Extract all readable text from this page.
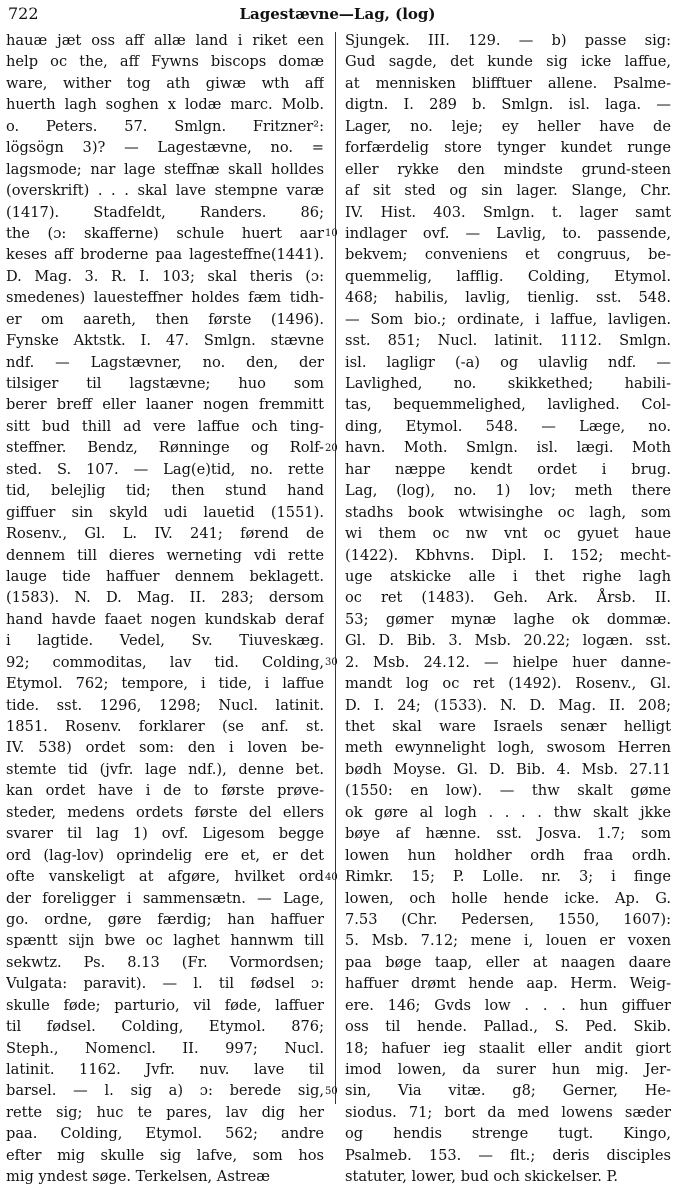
722	Lagestævne—Lag, (log)
hauæ jæt oss aff allæ land i riket een
help oc the, aff Fywns biscops domæ
ware, wither tog ath giwæ wth aff
huerth lagh soghen x lodæ marc. Molb.
o. Peters. 57. Smlgn. Fritzner²:
lögsögn 3)? — Lagestævne, no. =
lagsmode; nar lage steffnæ skall holldes
(overskrift) . . . skal lave stempne varæ
(1417). Stadfeldt, Randers. 86;
the (ɔ: skafferne) schule huert aar
keses aff broderne paa lagesteffne(1441).
D. Mag. 3. R. I. 103; skal theris (ɔ:
smedenes) lauesteffner holdes fæm tidh-
er om aareth, then første (1496).
Fynske Aktstk. I. 47. Smlgn. stævne
ndf. — Lagstævner, no. den, der
tilsiger til lagstævne; huo som
berer breff eller laaner nogen fremmitt
sitt bud thill ad vere laffue och ting-
steffner. Bendz, Rønninge og Rolf-
sted. S. 107. — Lag(e)tid, no. rette
tid, belejlig tid; then stund hand
giffuer sin skyld udi lauetid (1551).
Rosenv., Gl. L. IV. 241; førend de
dennem till dieres werneting vdi rette
lauge tide haffuer dennem beklagett.
(1583). N. D. Mag. II. 283; dersom
hand havde faaet nogen kundskab deraf
i lagtide. Vedel, Sv. Tiuveskæg.
92; commoditas, lav tid. Colding,
Etymol. 762; tempore, i tide, i laffue
tide. sst. 1296, 1298; Nucl. latinit.
1851. Rosenv. forklarer (se anf. st.
IV. 538) ordet som: den i loven be-
stemte tid (jvfr. lage ndf.), denne bet.
kan ordet have i de to første prøve-
steder, medens ordets første del ellers
svarer til lag 1) ovf. Ligesom begge
ord (lag-lov) oprindelig ere et, er det
ofte vanskeligt at afgøre, hvilket ord
der foreligger i sammensætn. — Lage,
go. ordne, gøre færdig; han haffuer
spæntt sijn bwe oc laghet hannwm till
sekwtz. Ps. 8.13 (Fr. Vormordsen;
Vulgata: paravit). — l. til fødsel ɔ:
skulle føde; parturio, vil føde, laffuer
til fødsel. Colding, Etymol. 876;
Steph., Nomencl. II. 997; Nucl.
latinit. 1162. Jvfr. nuv. lave til
barsel. — l. sig a) ɔ: berede sig,
rette sig; huc te pares, lav dig her
paa. Colding, Etymol. 562; andre
efter mig skulle sig lafve, som hos
mig yndest søge. Terkelsen, Astreæ
10
20
30
40
50
Sjungek. III. 129. — b) passe sig:
Gud sagde, det kunde sig icke laffue,
at mennisken blifftuer allene. Psalme-
digtn. I. 289 b. Smlgn. isl. laga. —
Lager, no. leje; ey heller have de
forfærdelig store tynger kundet runge
eller rykke den mindste grund-steen
af sit sted og sin lager. Slange, Chr.
IV. Hist. 403. Smlgn. t. lager samt
indlager ovf. — Lavlig, to. passende,
bekvem; conveniens et congruus, be-
quemmelig, lafflig. Colding, Etymol.
468; habilis, lavlig, tienlig. sst. 548.
— Som bio.; ordinate, i laffue, lavligen.
sst. 851; Nucl. latinit. 1112. Smlgn.
isl. lagligr (-a) og ulavlig ndf. —
Lavlighed, no. skikkethed; habili-
tas, bequemmelighed, lavlighed. Col-
ding, Etymol. 548. — Læge, no.
havn. Moth. Smlgn. isl. lægi. Moth
har næppe kendt ordet i brug.
Lag, (log), no. 1) lov; meth there
stadhs book wtwisinghe oc lagh, som
wi them oc nw vnt oc gyuet haue
(1422). Kbhvns. Dipl. I. 152; mecht-
uge atskicke alle i thet righe lagh
oc ret (1483). Geh. Ark. Årsb. II.
53; gømer mynæ laghe ok dommæ.
Gl. D. Bib. 3. Msb. 20.22; logæn. sst.
2. Msb. 24.12. — hielpe huer danne-
mandt log oc ret (1492). Rosenv., Gl.
D. I. 24; (1533). N. D. Mag. II. 208;
thet skal ware Israels senær helligt
meth ewynnelight logh, swosom Herren
bødh Moyse. Gl. D. Bib. 4. Msb. 27.11
(1550: en low). — thw skalt gøme
ok gøre al logh . . . . thw skalt jkke
bøye af hænne. sst. Josva. 1.7; som
lowen hun holdher ordh fraa ordh.
Rimkr. 15; P. Lolle. nr. 3; i finge
lowen, och holle hende icke. Ap. G.
7.53 (Chr. Pedersen, 1550, 1607):
5. Msb. 7.12; mene i, louen er voxen
paa bøge taap, eller at naagen daare
haffuer drømt hende aap. Herm. Weig-
ere. 146; Gvds low . . . hun giffuer
oss til hende. Pallad., S. Ped. Skib.
18; hafuer ieg staalit eller andit giort
imod lowen, da surer hun mig. Jer-
sin, Via vitæ. g8; Gerner, He-
siodus. 71; bort da med lowens sæder
og hendis strenge tugt. Kingo,
Psalmeb. 153. — flt.; deris disciples
statuter, lower, bud och skickelser. P.
